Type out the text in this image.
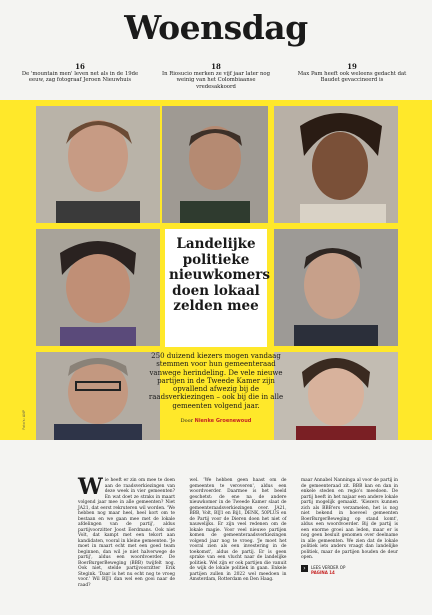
Woensdag
16
De 'mountain men' leven net als in de 19de eeuw, zag fotograaf Jeroen Nieuwhuis
18
In Riosucio merken ze vijf jaar later nog weinig van het Colombiaanse vredesakkoord
19
Max Pam heeft ook weleens gedacht dat Baudet gevaccineerd is
Landelijke politieke nieuwkomers doen lokaal zelden mee
250 duizend kiezers mogen vandaag stemmen voor hun gemeenteraad vanwege herindeling. De vele nieuwe partijen in de Tweede Kamer zijn opvallend afwezig bij de raadsverkiezingen – ook bij die in alle gemeenten volgend jaar.
Door Nienke Groenewoud
Foto's: ANP
W ie heeft er zin om mee te doen aan de raadsverkiezingen van deze week in vier gemeenten? En wat doet ze straks in maart volgend jaar mee in alle gemeenten? Niet JA21, dat eerst rekruteren wil worden. 'We hebben nog maar heel, heel kort om te bestaan en we gaan mee met de lokale afdelingen van de partij', aldus partijvoorzitter Joost Eerdmans. Ook niet Volt, dat kampt met een tekort aan kandidaten, vooral in kleine gemeenten. 'Je moet in maart echt met een goed team beginnen, dan wil je niet halverwege de partij', aldus een woordvoerder. De BoerBurgerBeweging (BBB) twijfelt nog. Ook niet, stelde partijvoorzitter Erik Stegink. 'Daar is het nu echt nog te vroeg voor.' Wil BIJ1 dan wel een gooi naar de raad?

wel. 'We hebben geen haast om de gemeenten te veroveren', aldus een woordvoerder. Daarmee is het beeld geschetst: de ene na de andere nieuwkomer in de Tweede Kamer slaat de gemeenteraadsverkiezingen over. JA21, BBB, Volt, BIJ1 en Bij1, DENK, 50PLUS en de Partij voor de Dieren doen het niet of nauwelijks. Er zijn veel redenen om de lokale magie. Voor veel nieuwe partijen komen de gemeenteraadsverkiezingen volgend jaar nog te vroeg. 'Je moet het vooral zien als een investering in de toekomst', aldus de partij. Er is geen sprake van een vlucht naar de landelijke politiek. Wel zijn er ook partijen die vanuit de wijk de lokale politiek in gaan. Enkele partijen zullen in 2022 wel meedoen in Amsterdam, Rotterdam en Den Haag.

maar Annabel Nanninga al voor de partij in de gemeenteraad zit. BBB kan en dan in enkele steden en regio's meedoen. De partij heeft in het najaar een andere lokale partij mogelijk gemaakt. 'Kiezers kunnen zich als BBB'ers verzamelen, het is nog niet bekend in hoeveel gemeenten BoerBurgerBeweging op stand komt', aldus een woordvoerder. Bij de partij is een enorme groei aan leden, maar er is nog geen besluit genomen over deelname in alle gemeenten. We zien dat de lokale politiek iets anders vraagt dan landelijke politiek, maar de partijen houden de deur open.

›	LEES VERDER OP
PAGINA 14
